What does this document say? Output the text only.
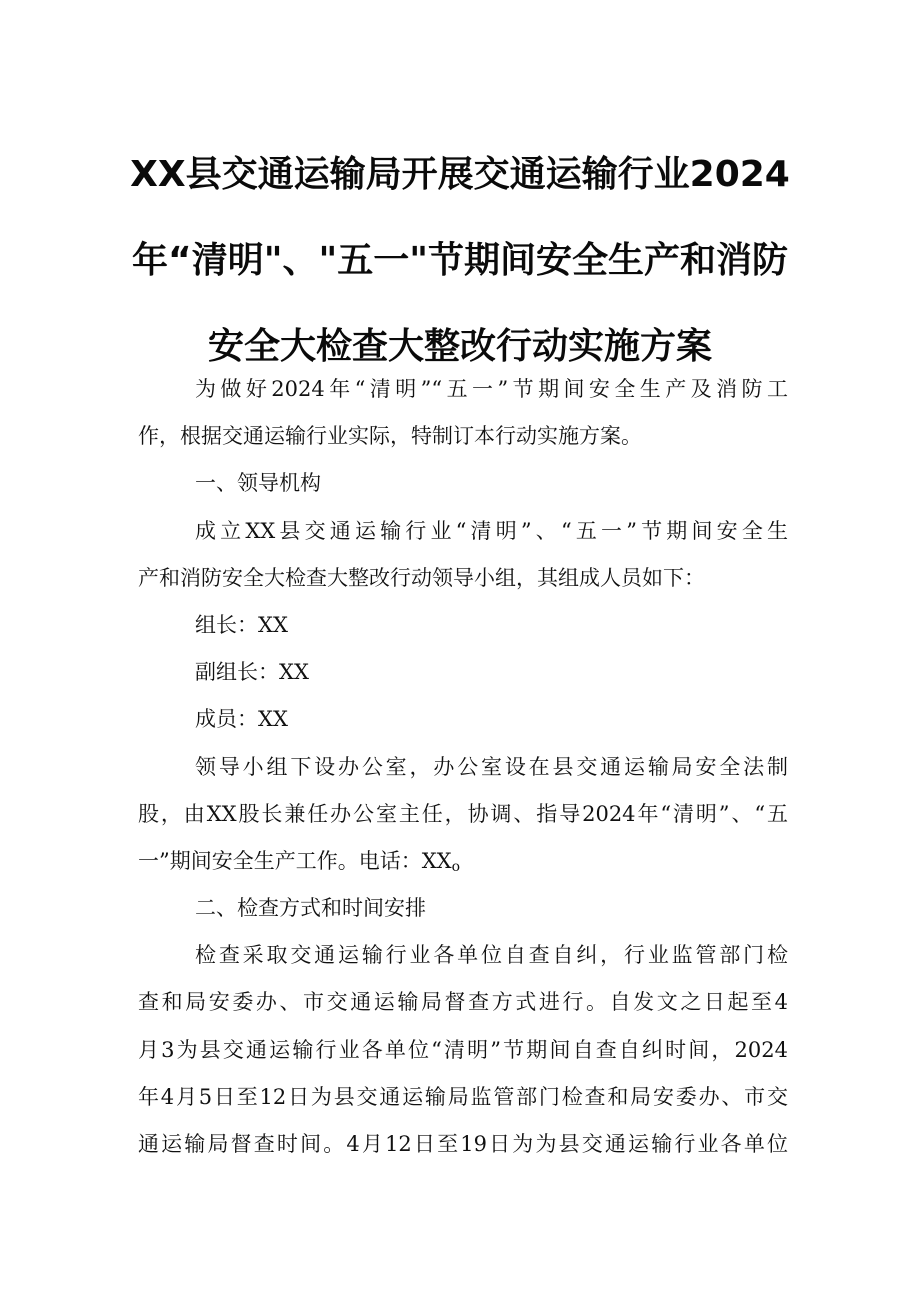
XX县交通运输局开展交通运输行业2024
年“清明"、"五一"节期间安全生产和消防
安全大检查大整改行动实施方案
为做好2024年“清明”“五一”节期间安全生产及消防工
作，根据交通运输行业实际，特制订本行动实施方案。
一、领导机构
成立XX县交通运输行业“清明”、“五一”节期间安全生
产和消防安全大检查大整改行动领导小组，其组成人员如下：
组长：XX
副组长：XX
成员：XX
领导小组下设办公室，办公室设在县交通运输局安全法制
股，由XX股长兼任办公室主任，协调、指导2024年“清明”、“五
一”期间安全生产工作。电话：$XX_o$
二、检查方式和时间安排
检查采取交通运输行业各单位自查自纠，行业监管部门检
查和局安委办、市交通运输局督查方式进行。自发文之日起至4
月3为县交通运输行业各单位“清明”节期间自查自纠时间，2024
年4月5日至12日为县交通运输局监管部门检查和局安委办、市交
通运输局督查时间。4月12日至19日为为县交通运输行业各单位
